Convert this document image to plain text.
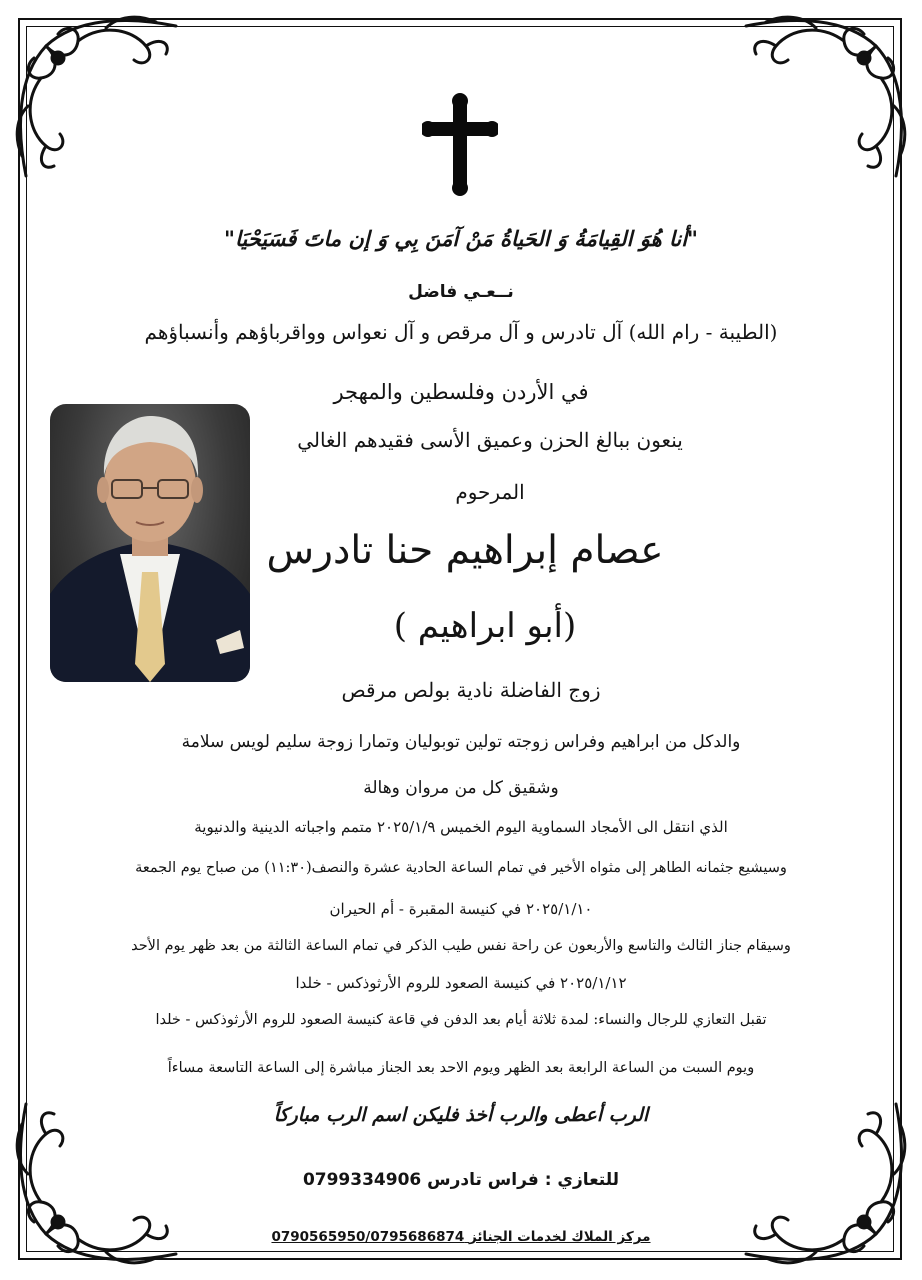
"أنا هُوَ القِيامَةُ وَ الحَياةُ مَنْ آمَنَ بِي وَ إن ماتَ فَسَيَحْيَا"
نــعـي فاضل
(الطيبة - رام الله) آل تادرس و آل مرقص و آل نعواس وواقرباؤهم وأنسباؤهم
في الأردن وفلسطين والمهجر
ينعون ببالغ الحزن وعميق الأسى فقيدهم الغالي
المرحوم
عصام إبراهيم حنا تادرس
(أبو ابراهيم )
زوج الفاضلة نادية بولص مرقص
والدكل من ابراهيم وفراس زوجته تولين توبوليان وتمارا زوجة سليم لويس سلامة
وشقيق كل من مروان وهالة
الذي انتقل الى الأمجاد السماوية اليوم الخميس ٢٠٢٥/١/٩ متمم واجباته الدينية والدنيوية
وسيشيع جثمانه الطاهر إلى مثواه الأخير في تمام الساعة الحادية عشرة والنصف(١١:٣٠) من صباح يوم الجمعة
٢٠٢٥/١/١٠ في كنيسة المقبرة - أم الحيران
وسيقام جناز الثالث والتاسع والأربعون عن راحة نفس طيب الذكر في تمام الساعة الثالثة من بعد ظهر يوم الأحد
٢٠٢٥/١/١٢ في كنيسة الصعود للروم الأرثوذكس - خلدا
تقبل التعازي للرجال والنساء: لمدة ثلاثة أيام بعد الدفن في قاعة كنيسة الصعود للروم الأرثوذكس - خلدا
ويوم السبت من الساعة الرابعة بعد الظهر ويوم الاحد بعد الجناز مباشرة إلى الساعة التاسعة مساءاً
الرب أعطى والرب أخذ فليكن اسم الرب مباركاً
للتعازي : فراس تادرس 0799334906
مركز الملاك لخدمات الجنائز 0790565950/0795686874
